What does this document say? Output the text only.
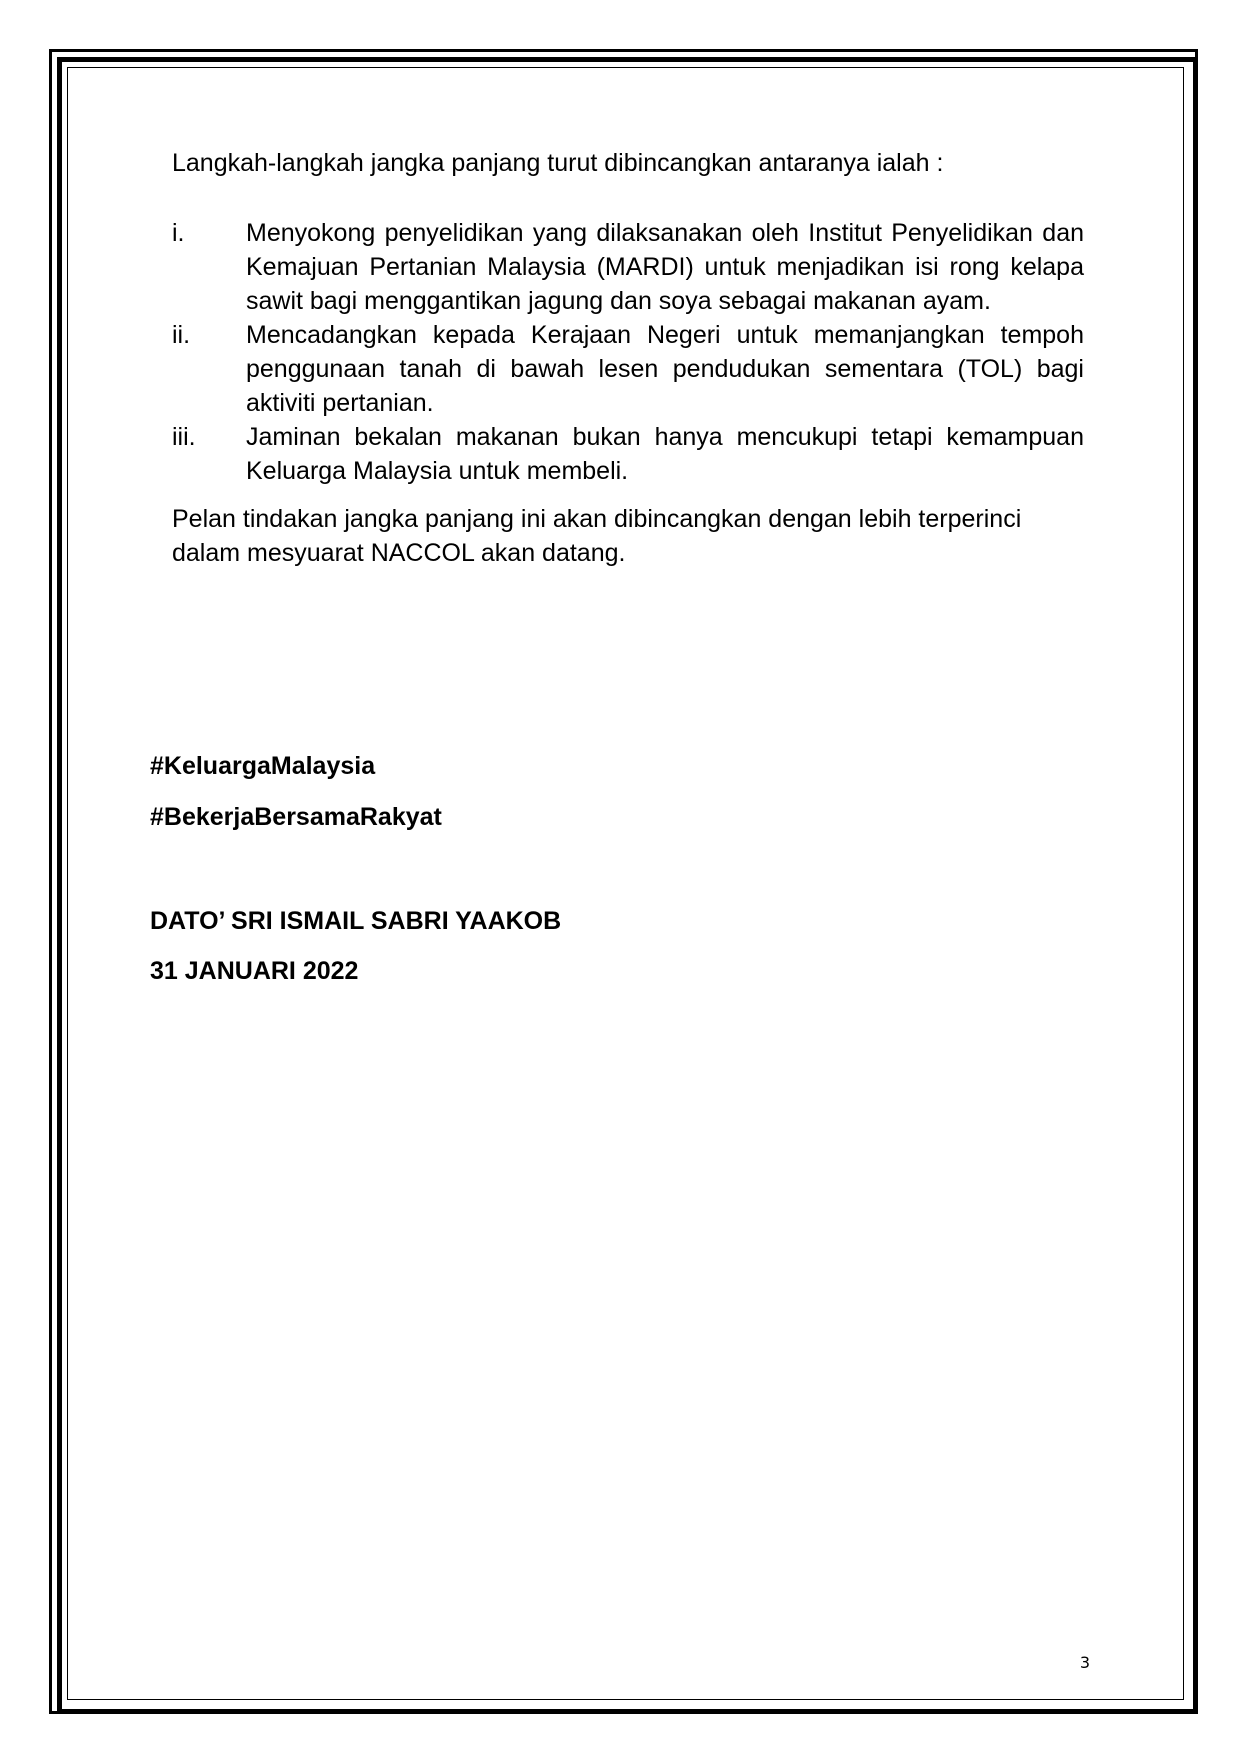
Langkah-langkah jangka panjang turut dibincangkan antaranya ialah :

i.	Menyokong penyelidikan yang dilaksanakan oleh Institut Penyelidikan dan Kemajuan Pertanian Malaysia (MARDI) untuk menjadikan isi rong kelapa sawit bagi menggantikan jagung dan soya sebagai makanan ayam.
ii.	Mencadangkan kepada Kerajaan Negeri untuk memanjangkan tempoh penggunaan tanah di bawah lesen pendudukan sementara (TOL) bagi aktiviti pertanian.
iii.	Jaminan bekalan makanan bukan hanya mencukupi tetapi kemampuan Keluarga Malaysia untuk membeli.

Pelan tindakan jangka panjang ini akan dibincangkan dengan lebih terperinci dalam mesyuarat NACCOL akan datang.

#KeluargaMalaysia

#BekerjaBersamaRakyat

DATO’ SRI ISMAIL SABRI YAAKOB

31 JANUARI 2022

3
